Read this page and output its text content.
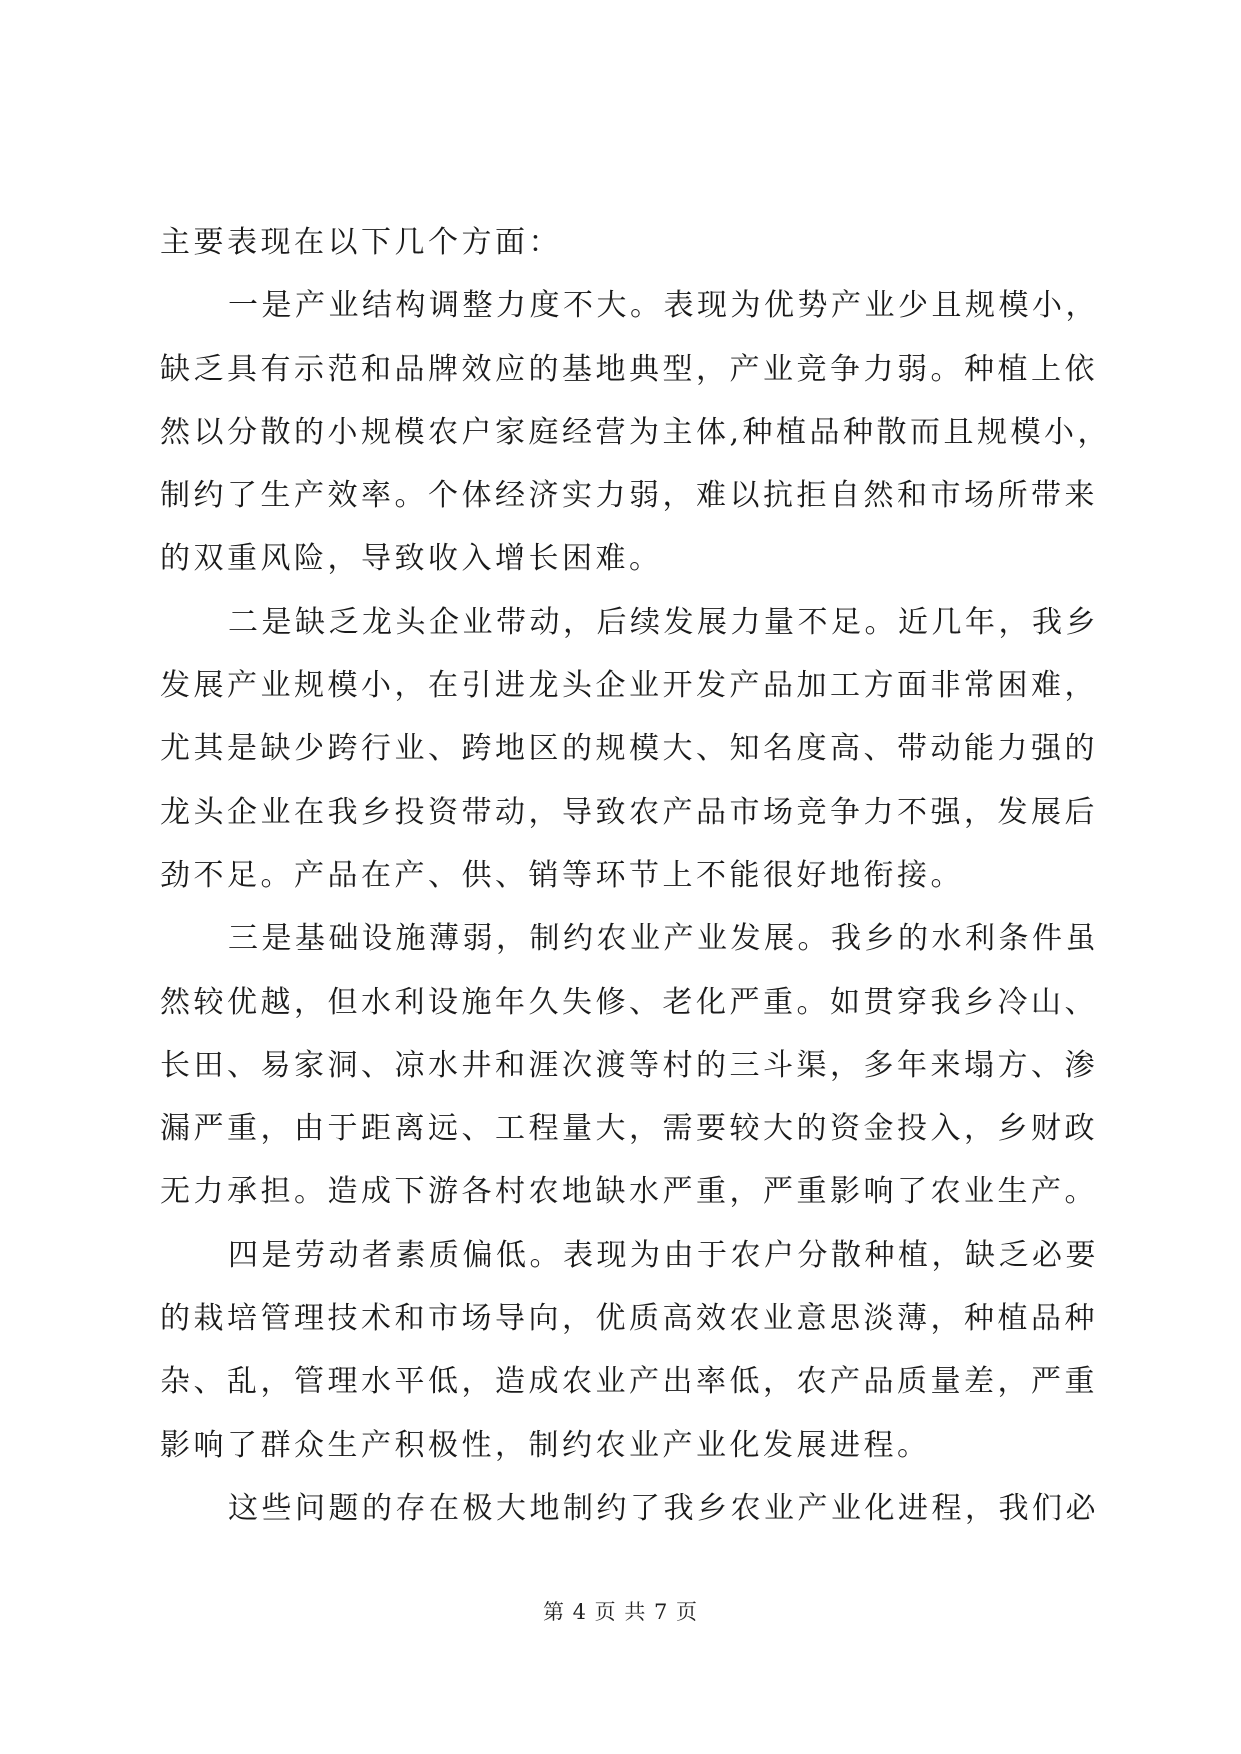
主要表现在以下几个方面：
一是产业结构调整力度不大。表现为优势产业少且规模小，
缺乏具有示范和品牌效应的基地典型，产业竞争力弱。种植上依
然以分散的小规模农户家庭经营为主体,种植品种散而且规模小，
制约了生产效率。个体经济实力弱，难以抗拒自然和市场所带来
的双重风险，导致收入增长困难。
二是缺乏龙头企业带动，后续发展力量不足。近几年，我乡
发展产业规模小，在引进龙头企业开发产品加工方面非常困难，
尤其是缺少跨行业、跨地区的规模大、知名度高、带动能力强的
龙头企业在我乡投资带动，导致农产品市场竞争力不强，发展后
劲不足。产品在产、供、销等环节上不能很好地衔接。
三是基础设施薄弱，制约农业产业发展。我乡的水利条件虽
然较优越，但水利设施年久失修、老化严重。如贯穿我乡冷山、
长田、易家洞、凉水井和涯次渡等村的三斗渠，多年来塌方、渗
漏严重，由于距离远、工程量大，需要较大的资金投入，乡财政
无力承担。造成下游各村农地缺水严重，严重影响了农业生产。
四是劳动者素质偏低。表现为由于农户分散种植，缺乏必要
的栽培管理技术和市场导向，优质高效农业意思淡薄，种植品种
杂、乱，管理水平低，造成农业产出率低，农产品质量差，严重
影响了群众生产积极性，制约农业产业化发展进程。
这些问题的存在极大地制约了我乡农业产业化进程，我们必
第 4 页 共 7 页
